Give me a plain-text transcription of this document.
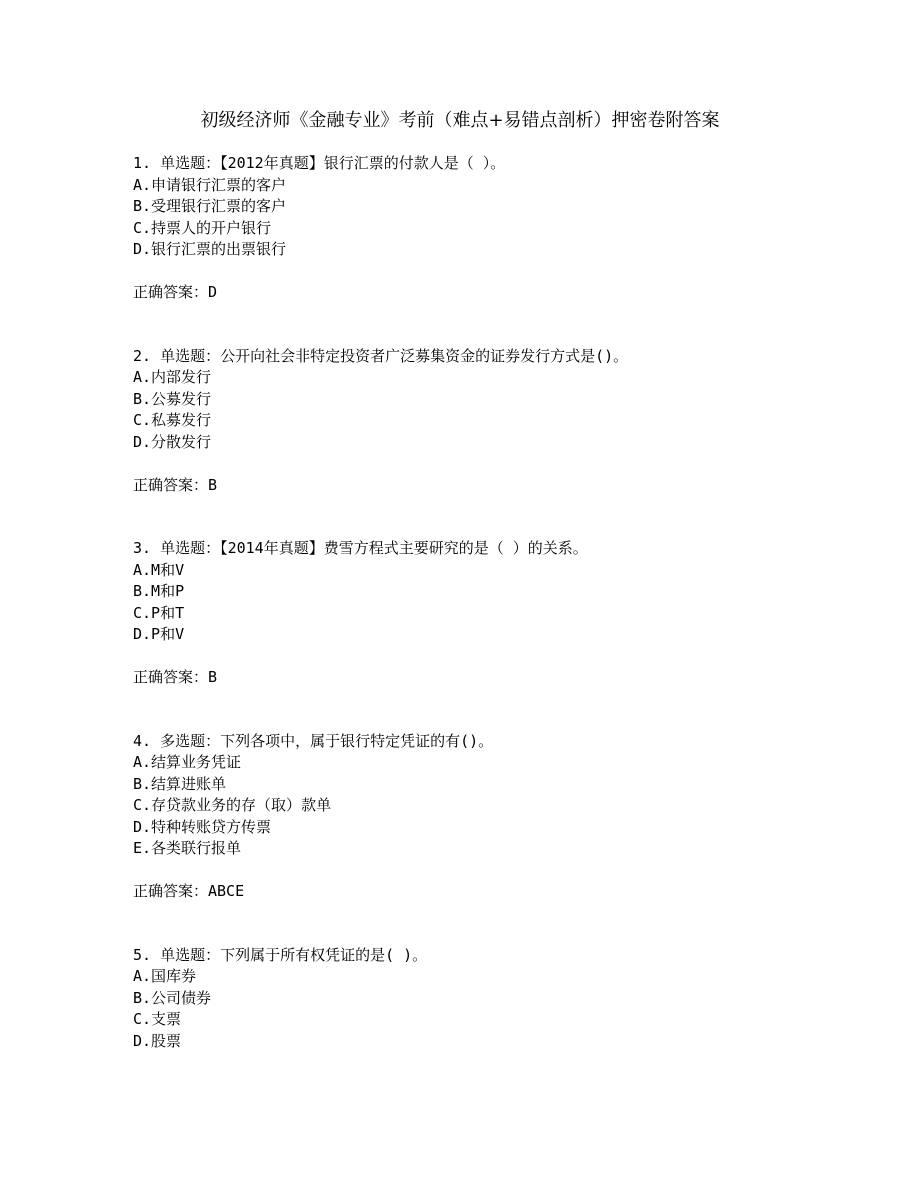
初级经济师《金融专业》考前（难点+易错点剖析）押密卷附答案
1. 单选题：【2012年真题】银行汇票的付款人是（ ）。
A.申请银行汇票的客户
B.受理银行汇票的客户
C.持票人的开户银行
D.银行汇票的出票银行
正确答案：D
2. 单选题：公开向社会非特定投资者广泛募集资金的证券发行方式是()。
A.内部发行
B.公募发行
C.私募发行
D.分散发行
正确答案：B
3. 单选题：【2014年真题】费雪方程式主要研究的是（ ）的关系。
A.M和V
B.M和P
C.P和T
D.P和V
正确答案：B
4. 多选题：下列各项中，属于银行特定凭证的有()。
A.结算业务凭证
B.结算进账单
C.存贷款业务的存（取）款单
D.特种转账贷方传票
E.各类联行报单
正确答案：ABCE
5. 单选题：下列属于所有权凭证的是( )。
A.国库券
B.公司债券
C.支票
D.股票
